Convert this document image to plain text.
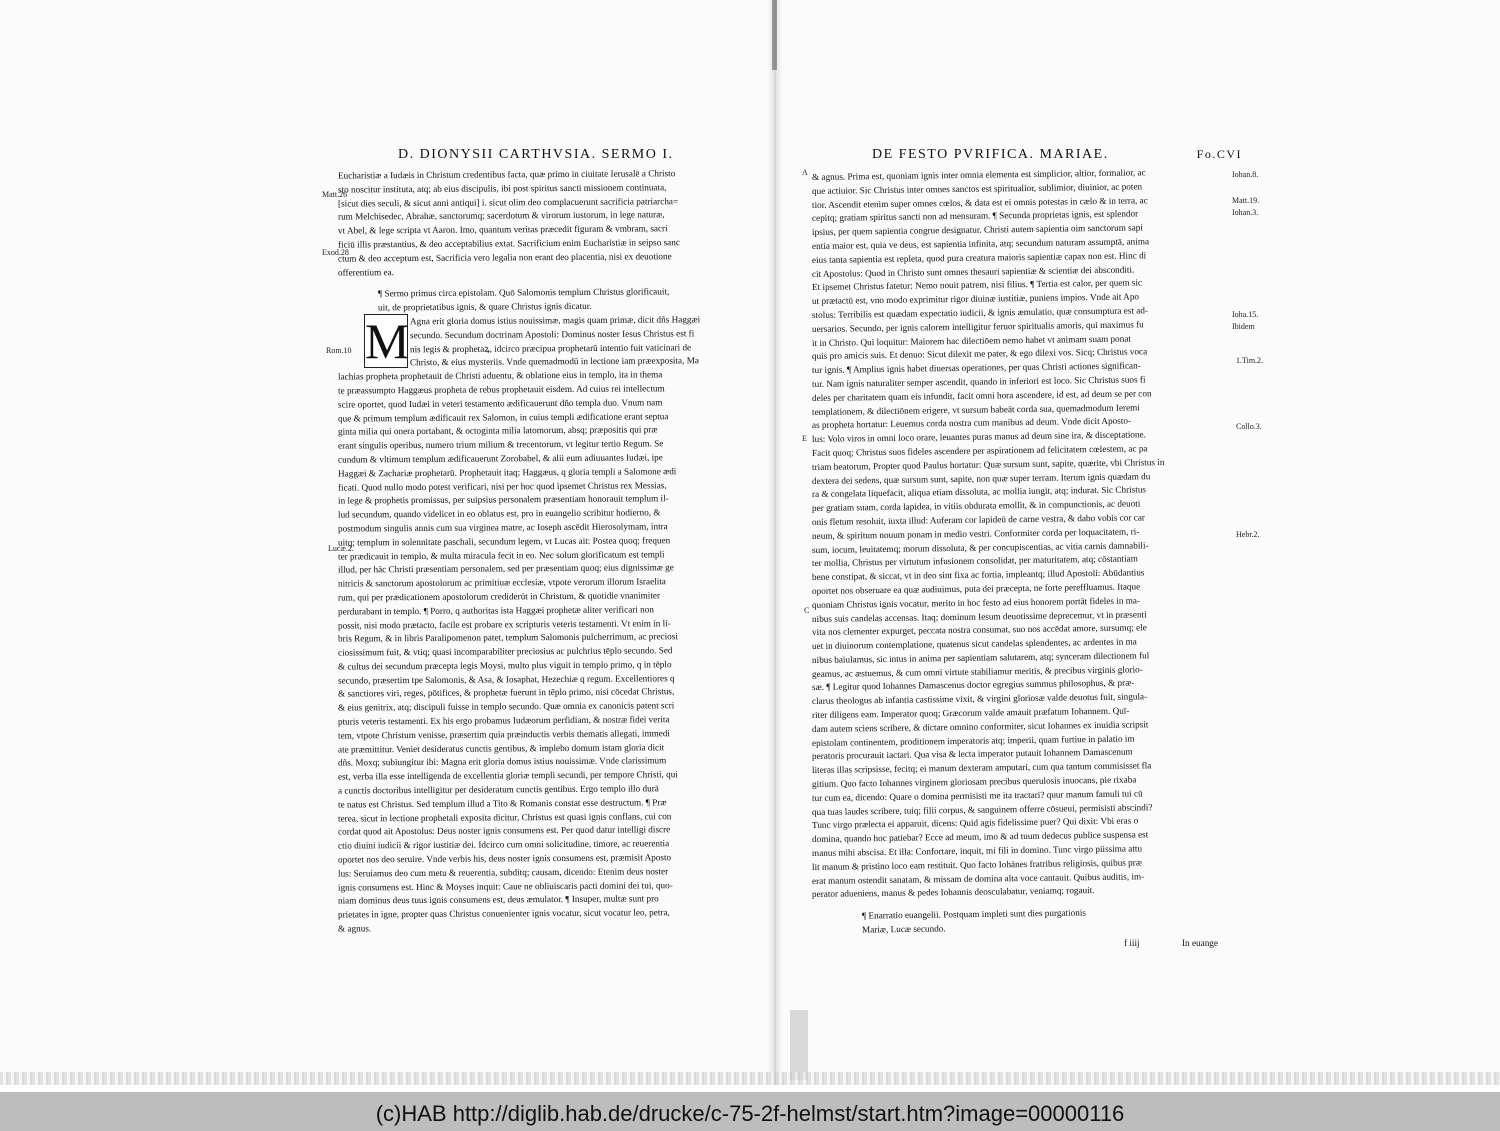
D. DIONYSII CARTHVSIA. SERMO I.
Eucharistiæ a Iudæis in Christum credentibus facta, quæ primo in ciuitate Ierusalē a Christo
sto noscitur instituta, atq; ab eius discipulis, ibi post spiritus sancti missionem continuata,
[sicut dies seculi, & sicut anni antiqui] i. sicut olim deo complacuerunt sacrificia patriarcha=
rum Melchisedec, Abrahæ, sanctorumq; sacerdotum & virorum iustorum, in lege naturæ,
vt Abel, & lege scripta vt Aaron. Imo, quantum veritas præcedit figuram & vmbram, sacri
ficiū illis præstantius, & deo acceptabilius extat. Sacrificium enim Eucharistiæ in seipso sanc
ctum & deo acceptum est, Sacrificia vero legalia non erant deo placentia, nisi ex deuotione
offerentium ea.
¶ Sermo primus circa epistolam. Quō Salomonis templum Christus glorificauit,
uit, de proprietatibus ignis, & quare Christus ignis dicatur.
M Agna erit gloria domus istius nouissimæ, magis quam primæ, dicit dñs Haggæi
secundo. Secundum doctrinam Apostoli: Dominus noster Iesus Christus est fi
nis legis & prophetaꝝ, idcirco præcipua prophetarū intentio fuit vaticinari de
Christo, & eius mysteriis. Vnde quemadmodū in lectione iam præexposita, Ma
lachias propheta prophetauit de Christi aduentu, & oblatione eius in templo, ita in thema
te præassumpto Haggæus propheta de rebus prophetauit eisdem. Ad cuius rei intellectum
scire oportet, quod Iudæi in veteri testamento ædificauerunt dño templa duo. Vnum nam
que & primum templum ædificauit rex Salomon, in cuius templi ædificatione erant septua
ginta milia qui onera portabant, & octoginta milia latomorum, absq; præpositis qui præ
erant singulis operibus, numero trium milium & trecentorum, vt legitur tertio Regum. Se
cundum & vltimum templum ædificauerunt Zorobabel, & alii eum adiuuantes Iudæi, ipe
Haggæi & Zachariæ prophetarū. Prophetauit itaq; Haggæus, q gloria templi a Salomone ædi
ficati. Quod nullo modo potest verificari, nisi per hoc quod ipsemet Christus rex Messias,
in lege & prophetis promissus, per suipsius personalem præsentiam honorauit templum il-
lud secundum, quando videlicet in eo oblatus est, pro in euangelio scribitur hodierno, &
postmodum singulis annis cum sua virginea matre, ac Ioseph ascēdit Hierosolymam, intra
uitq; templum in solennitate paschali, secundum legem, vt Lucas ait: Postea quoq; frequen
ter prædicauit in templo, & multa miracula fecit in eo. Nec solum glorificatum est templi
illud, per hāc Christi præsentiam personalem, sed per præsentiam quoq; eius dignissimæ ge
nitricis & sanctorum apostolorum ac primitiuæ ecclesiæ, vtpote verorum illorum Israelita
rum, qui per prædicationem apostolorum crediderūt in Christum, & quotidie vnanimiter
perdurabant in templo. ¶ Porro, q authoritas ista Haggæi prophetæ aliter verificari non
possit, nisi modo prætacto, facile est probare ex scripturis veteris testamenti. Vt enim in li-
bris Regum, & in libris Paralipomenon patet, templum Salomonis pulcherrimum, ac preciosi
ciosissimum fuit, & vtiq; quasi incomparabiliter preciosius ac pulchrius tēplo secundo. Sed
& cultus dei secundum præcepta legis Moysi, multo plus viguit in templo primo, q in tēplo
secundo, præsertim tpe Salomonis, & Asa, & Iosaphat, Hezechiæ q regum. Excellentiores q
& sanctiores viri, reges, pōtifices, & prophetæ fuerunt in tēplo primo, nisi cōcedat Christus,
& eius genitrix, atq; discipuli fuisse in templo secundo. Quæ omnia ex canonicis patent scri
pturis veteris testamenti. Ex his ergo probamus Iudæorum perfidiam, & nostræ fidei verita
tem, vtpote Christum venisse, præsertim quia præinductis verbis thematis allegati, immedi
ate præmittitur. Veniet desideratus cunctis gentibus, & implebo domum istam gloria dicit
dñs. Moxq; subiungitur ibi: Magna erit gloria domus istius nouissimæ. Vnde clarissimum
est, verba illa esse intelligenda de excellentia gloriæ templi secundi, per tempore Christi, qui
a cunctis doctoribus intelligitur per desideratum cunctis gentibus. Ergo templo illo durā
te natus est Christus. Sed templum illud a Tito & Romanis constat esse destructum. ¶ Præ
terea, sicut in lectione prophetali exposita dicitur, Christus est quasi ignis conflans, cui con
cordat quod ait Apostolus: Deus noster ignis consumens est. Per quod datur intelligi discre
ctio diuini iudicii & rigor iustitiæ dei. Idcirco cum omni solicitudine, timore, ac reuerentia
oportet nos deo seruire. Vnde verbis his, deus noster ignis consumens est, præmisit Aposto
lus: Seruiamus deo cum metu & reuerentia, subditq; causam, dicendo: Etenim deus noster
ignis consumens est. Hinc & Moyses inquit: Caue ne obliuiscaris pacti domini dei tui, quo-
niam dominus deus tuus ignis consumens est, deus æmulator. ¶ Insuper, multæ sunt pro
prietates in igne, propter quas Christus conuenienter ignis vocatur, sicut vocatur leo, petra,
& agnus.
Matt.26
Exod.28
Rom.10
Lucæ.2.
DE FESTO PVRIFICA. MARIAE.	Fo.CVI
& agnus. Prima est, quoniam ignis inter omnia elementa est simplicior, altior, formalior, ac
que actiuior. Sic Christus inter omnes sanctos est spiritualior, sublimior, diuinior, ac poten
tior. Ascendit etenim super omnes cœlos, & data est ei omnis potestas in cælo & in terra, ac
cepitq; gratiam spiritus sancti non ad mensuram. ¶ Secunda proprietas ignis, est splendor
ipsius, per quem sapientia congrue designatur. Christi autem sapientia oim sanctorum sapi
entia maior est, quia ve deus, est sapientia infinita, atq; secundum naturam assumptā, anima
eius tanta sapientia est repleta, quod pura creatura maioris sapientiæ capax non est. Hinc di
cit Apostolus: Quod in Christo sunt omnes thesauri sapientiæ & scientiæ dei absconditi.
Et ipsemet Christus fatetur: Nemo nouit patrem, nisi filius. ¶ Tertia est calor, per quem sic
ut prætactū est, vno modo exprimitur rigor diuinæ iustitiæ, puniens impios. Vnde ait Apo
stolus: Terribilis est quædam expectatio iudicii, & ignis æmulatio, quæ consumptura est ad-
uersarios. Secundo, per ignis calorem intelligitur feruor spiritualis amoris, qui maximus fu
it in Christo. Qui loquitur: Maiorem hac dilectiōem nemo habet vt animam suam ponat
quis pro amicis suis. Et denuo: Sicut dilexit me pater, & ego dilexi vos. Sicq; Christus voca
tur ignis. ¶ Amplius ignis habet diuersas operationes, per quas Christi actiones significan-
tur. Nam ignis naturaliter semper ascendit, quando in inferiori est loco. Sic Christus suos fi
deles per charitatem quam eis infundit, facit omni hora ascendere, id est, ad deum se per con
templationem, & dilectiōnem erigere, vt sursum habeāt corda sua, quemadmodum Ieremi
as propheta hortatur: Leuemus corda nostra cum manibus ad deum. Vnde dicit Aposto-
lus: Volo viros in omni loco orare, leuantes puras manus ad deum sine ira, & disceptatione.
Facit quoq; Christus suos fideles ascendere per aspirationem ad felicitatem cœlestem, ac pa
triam beatorum, Propter quod Paulus hortatur: Quæ sursum sunt, sapite, quærite, vbi Christus in
dextera dei sedens, quæ sursum sunt, sapite, non quæ super terram. Iterum ignis quædam du
ra & congelata liquefacit, aliqua etiam dissoluta, ac mollia iungit, atq; indurat. Sic Christus
per gratiam suam, corda lapidea, in vitiis obdurata emollit, & in compunctionis, ac deuoti
onis fletum resoluit, iuxta illud: Auferam cor lapideū de carne vestra, & dabo vobis cor car
neum, & spiritum nouum ponam in medio vestri. Conformiter corda per loquacitatem, ri-
sum, iocum, leuitatemq; morum dissoluta, & per concupiscentias, ac vitia carnis damnabili-
ter mollia, Christus per virtutum infusionem consolidat, per maturitatem, atq; cōstantiam
bene constipat, & siccat, vt in deo sint fixa ac fortia, impleantq; illud Apostoli: Abūdantius
oportet nos obseruare ea quæ audiuimus, puta dei præcepta, ne forte pereffluamus. Itaque
quoniam Christus ignis vocatur, merito in hoc festo ad eius honorem portāt fideles in ma-
nibus suis candelas accensas. Itaq; dominum Iesum deuotissime deprecemur, vt in præsenti
vita nos clementer expurget, peccata nostra consumat, suo nos accēdat amore, sursumq; ele
uet in diuinorum contemplatione, quatenus sicut candelas splendentes, ac ardentes in ma
nibus baiulamus, sic intus in anima per sapientiam salutarem, atq; synceram dilectionem ful
geamus, ac æstuemus, & cum omni virtute stabiliamur meritis, & precibus virginis glorio-
sæ. ¶ Legitur quod Iohannes Damascenus doctor egregius summus philosophus, & præ-
clarus theologus ab infantia castissime vixit, & virgini gloriosæ valde deuotus fuit, singula-
riter diligens eam. Imperator quoq; Græcorum valde amauit præfatum Iohannem. Quī-
dam autem sciens scribere, & dictare omnino conformiter, sicut Iohannes ex inuidia scripsit
epistolam continentem, proditionem imperatoris atq; imperii, quam furtiue in palatio im
peratoris procurauit iactari. Qua visa & lecta imperator putauit Iohannem Damascenum
literas illas scripsisse, fecitq; ei manum dexteram amputari, cum qua tantum commisisset fla
gitium. Quo facto Iohannes virginem gloriosam precibus querulosis inuocans, pie rixaba
tur cum ea, dicendo: Quare o domina permisisti me ita tractari? quur manum famuli tui cū
qua tuas laudes scribere, tuiq; filii corpus, & sanguinem offerre cōsueui, permisisti abscindi?
Tunc virgo prælecta ei apparuit, dicens: Quid agis fidelissime puer? Qui dixit: Vbi eras o
domina, quando hoc patiebar? Ecce ad meum, imo & ad tuum dedecus publice suspensa est
manus mihi abscisa. Et illa: Confortare, inquit, mi fili in domino. Tunc virgo piissima attu
lit manum & pristino loco eam restituit. Quo facto Iohānes fratribus religiosis, quibus præ
erat manum ostendit sanatam, & missam de domina alta voce cantauit. Quibus auditis, im-
perator adueniens, manus & pedes Iohannis deosculabatur, veniamq; rogauit.
¶ Enarratio euangelii. Postquam impleti sunt dies purgationis
Mariæ, Lucæ secundo.
f iiij	In euange
A	Iohan.8.
Matt.19.
Iohan.3.
Ioha.15.
Ibidem
1.Tim.2.
Collo.3.
E
Hebr.2.
C
(c)HAB http://diglib.hab.de/drucke/c-75-2f-helmst/start.htm?image=00000116
